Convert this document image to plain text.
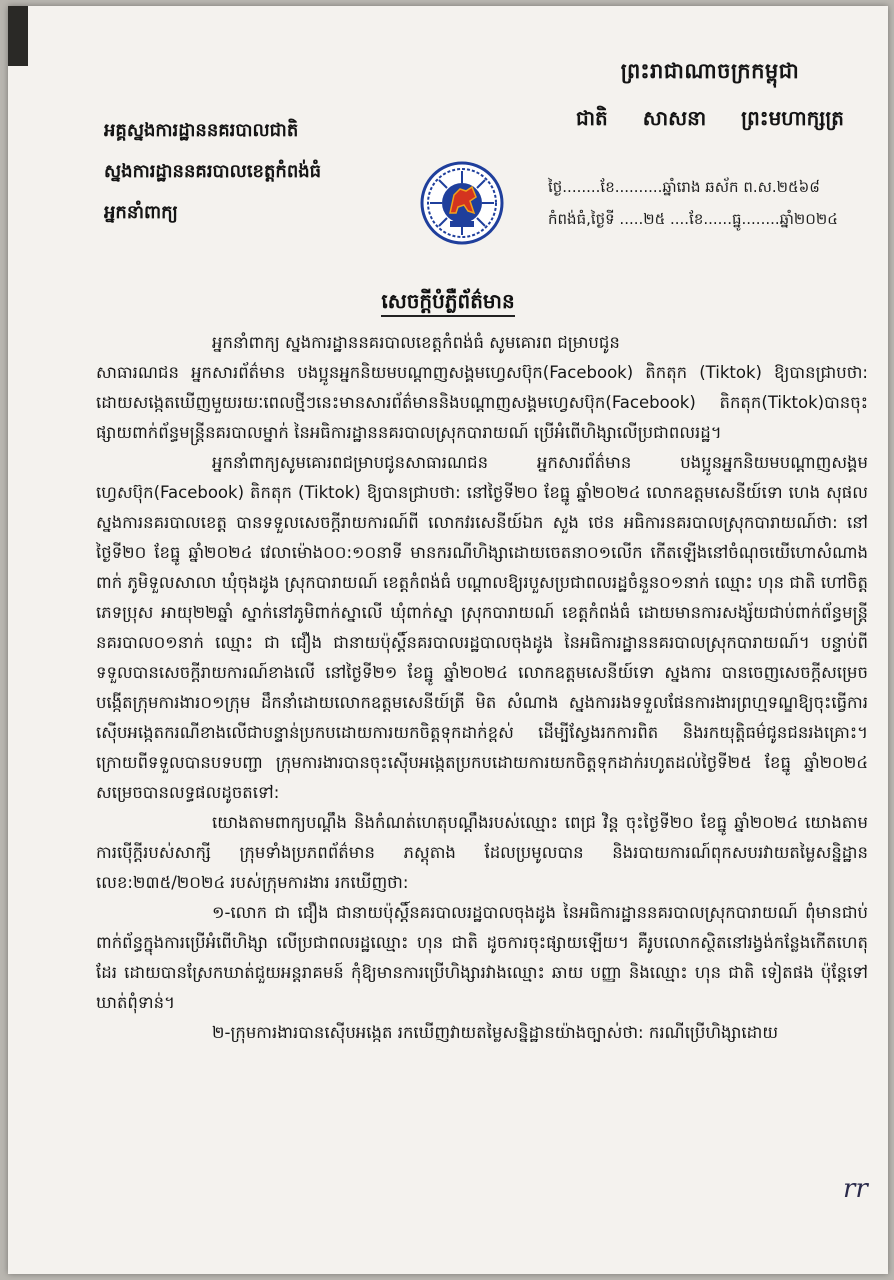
ព្រះរាជាណាចក្រកម្ពុជា
ជាតិ សាសនា ព្រះមហាក្សត្រ
អគ្គស្នងការដ្ឋាននគរបាលជាតិ
ស្នងការដ្ឋាននគរបាលខេត្តកំពង់ធំ
អ្នកនាំពាក្យ
ថ្ងៃ........ខែ..........ឆ្នាំរោង ឆស័ក ព.ស.២៥៦៨
កំពង់ធំ,ថ្ងៃទី .....២៥ ....ខែ......ធ្នូ........ឆ្នាំ២០២៤
សេចក្តីបំភ្លឺព័ត៌មាន

អ្នកនាំពាក្យ ស្នងការដ្ឋាននគរបាលខេត្តកំពង់ធំ សូមគោរព ជម្រាបជូន

សាធារណជន អ្នកសារព័ត៌មាន បងប្អូនអ្នកនិយមបណ្តាញសង្គមហ្វេសប៊ុក(Facebook) តិកតុក (Tiktok) ឱ្យបានជ្រាបថា: ដោយសង្កេតឃើញមួយរយៈពេលថ្មីៗនេះមានសារព័ត៌មាននិងបណ្តាញសង្គមហ្វេសប៊ុក(Facebook) តិកតុក(Tiktok)បានចុះផ្សាយពាក់ព័ន្ធមន្ត្រីនគរបាលម្នាក់ នៃអធិការដ្ឋាននគរបាលស្រុកបារាយណ៍ ប្រើអំពើហិង្សាលើប្រជាពលរដ្ឋ។

អ្នកនាំពាក្យសូមគោរពជម្រាបជូនសាធារណជន អ្នកសារព័ត៌មាន បងប្អូនអ្នកនិយមបណ្តាញសង្គម ហ្វេសប៊ុក(Facebook) តិកតុក (Tiktok) ឱ្យបានជ្រាបថា: នៅថ្ងៃទី២០ ខែធ្នូ ឆ្នាំ២០២៤ លោកឧត្តមសេនីយ៍ទោ ហេង សុផល ស្នងការនគរបាលខេត្ត បានទទួលសេចក្តីរាយការណ៍ពី លោកវរសេនីយ៍ឯក សួង ថេន អធិការនគរបាលស្រុកបារាយណ៍ថា: នៅថ្ងៃទី២០ ខែធ្នូ ឆ្នាំ២០២៤ វេលាម៉ោង០០:១០នាទី មានករណីហិង្សាដោយចេតនា០១លើក កើតឡើងនៅចំណុចយើហោសំណាងពាក់ ភូមិទួលសាលា ឃុំចុងដូង ស្រុកបារាយណ៍ ខេត្តកំពង់ធំ បណ្តាលឱ្យរបួសប្រជាពលរដ្ឋចំនួន០១នាក់ ឈ្មោះ ហុន ជាតិ ហៅចិត្ត ភេទប្រុស អាយុ២២ឆ្នាំ ស្នាក់នៅភូមិពាក់ស្នាលើ ឃុំពាក់ស្នា ស្រុកបារាយណ៍ ខេត្តកំពង់ធំ ដោយមានការសង្ស័យជាប់ពាក់ព័ន្ធមន្ត្រីនគរបាល០១នាក់ ឈ្មោះ ជា ជឿង ជានាយប៉ុស្តិ៍នគរបាលរដ្ឋបាលចុងដូង នៃអធិការដ្ឋាននគរបាលស្រុកបារាយណ៍។ បន្ទាប់ពីទទួលបានសេចក្តីរាយការណ៍ខាងលើ នៅថ្ងៃទី២១ ខែធ្នូ ឆ្នាំ២០២៤ លោកឧត្តមសេនីយ៍ទោ ស្នងការ បានចេញសេចក្តីសម្រេចបង្កើតក្រុមការងារ០១ក្រុម ដឹកនាំដោយលោកឧត្តមសេនីយ៍ត្រី មិត សំណាង ស្នងការរងទទួលផែនការងារព្រហ្មទណ្ឌឱ្យចុះធ្វើការស៊ើបអង្កេតករណីខាងលើជាបន្ទាន់ប្រកបដោយការយកចិត្តទុកដាក់ខ្ពស់ ដើម្បីស្វែងរកការពិត និងរកយុត្តិធម៌ជូនជនរងគ្រោះ។ ក្រោយពីទទួលបានបទបញ្ជា ក្រុមការងារបានចុះស៊ើបអង្កេតប្រកបដោយការយកចិត្តទុកដាក់រហូតដល់ថ្ងៃទី២៥ ខែធ្នូ ឆ្នាំ២០២៤ សម្រេចបានលទ្ធផលដូចតទៅ:

យោងតាមពាក្យបណ្តឹង និងកំណត់ហេតុបណ្តឹងរបស់ឈ្មោះ ពេជ្រ វិន្ត ចុះថ្ងៃទី២០ ខែធ្នូ ឆ្នាំ២០២៤ យោងតាមការប៉ើក្តីរបស់សាក្សី ក្រុមទាំងប្រភពព័ត៌មាន ភស្តុតាង ដែលប្រមូលបាន និងរបាយការណ៍ពុកសបរវាយតម្លៃសន្និដ្ឋានលេខ:២៣៥/២០២៤ របស់ក្រុមការងារ រកឃើញថា:

១-លោក ជា ជឿង ជានាយប៉ុស្តិ៍នគរបាលរដ្ឋបាលចុងដូង នៃអធិការដ្ឋាននគរបាលស្រុកបារាយណ៍ ពុំមានជាប់ពាក់ព័ន្ធក្នុងការប្រើអំពើហិង្សា លើប្រជាពលរដ្ឋឈ្មោះ ហុន ជាតិ ដូចការចុះផ្សាយឡើយ។ គឺរូបលោកស្ថិតនៅរង្វង់កន្លែងកើតហេតុដែរ ដោយបានស្រែកឃាត់ជួយអន្តរាគមន៍ កុំឱ្យមានការប្រើហិង្សារវាងឈ្មោះ ឆាយ បញ្ញា និងឈ្មោះ ហុន ជាតិ ទៀតផង ប៉ុន្តែទៅឃាត់ពុំទាន់។

២-ក្រុមការងារបានស៊ើបអង្កេត រកឃើញវាយតម្លៃសន្និដ្ឋានយ៉ាងច្បាស់ថា: ករណីប្រើហិង្សាដោយ

rr
